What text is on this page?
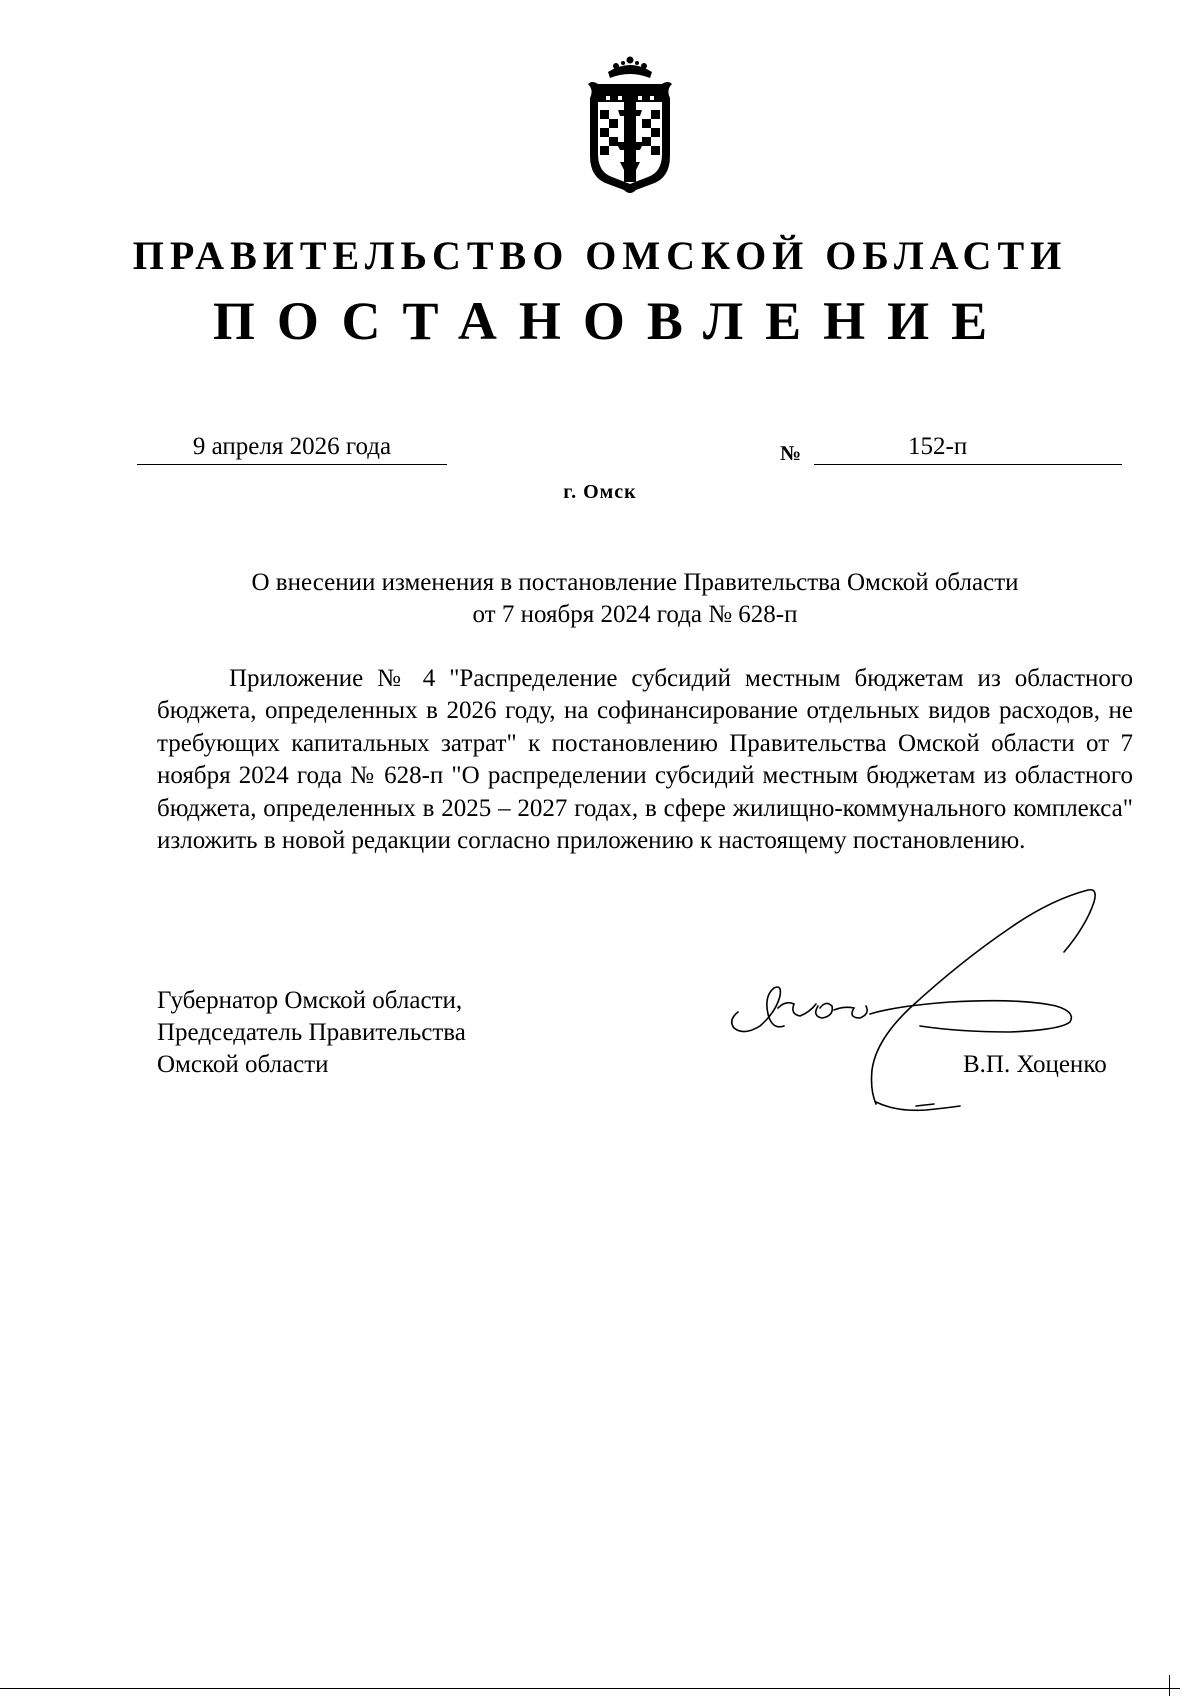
ПРАВИТЕЛЬСТВО ОМСКОЙ ОБЛАСТИ
ПОСТАНОВЛЕНИЕ
9 апреля 2026 года	№	152-п
г. Омск
О внесении изменения в постановление Правительства Омской области
от 7 ноября 2024 года № 628-п

Приложение № 4 "Распределение субсидий местным бюджетам из областного бюджета, определенных в 2026 году, на софинансирование отдельных видов расходов, не требующих капитальных затрат" к постановлению Правительства Омской области от 7 ноября 2024 года № 628-п "О распределении субсидий местным бюджетам из областного бюджета, определенных в 2025 – 2027 годах, в сфере жилищно-коммунального комплекса" изложить в новой редакции согласно приложению к настоящему постановлению.

Губернатор Омской области,
Председатель Правительства
Омской области	В.П. Хоценко
